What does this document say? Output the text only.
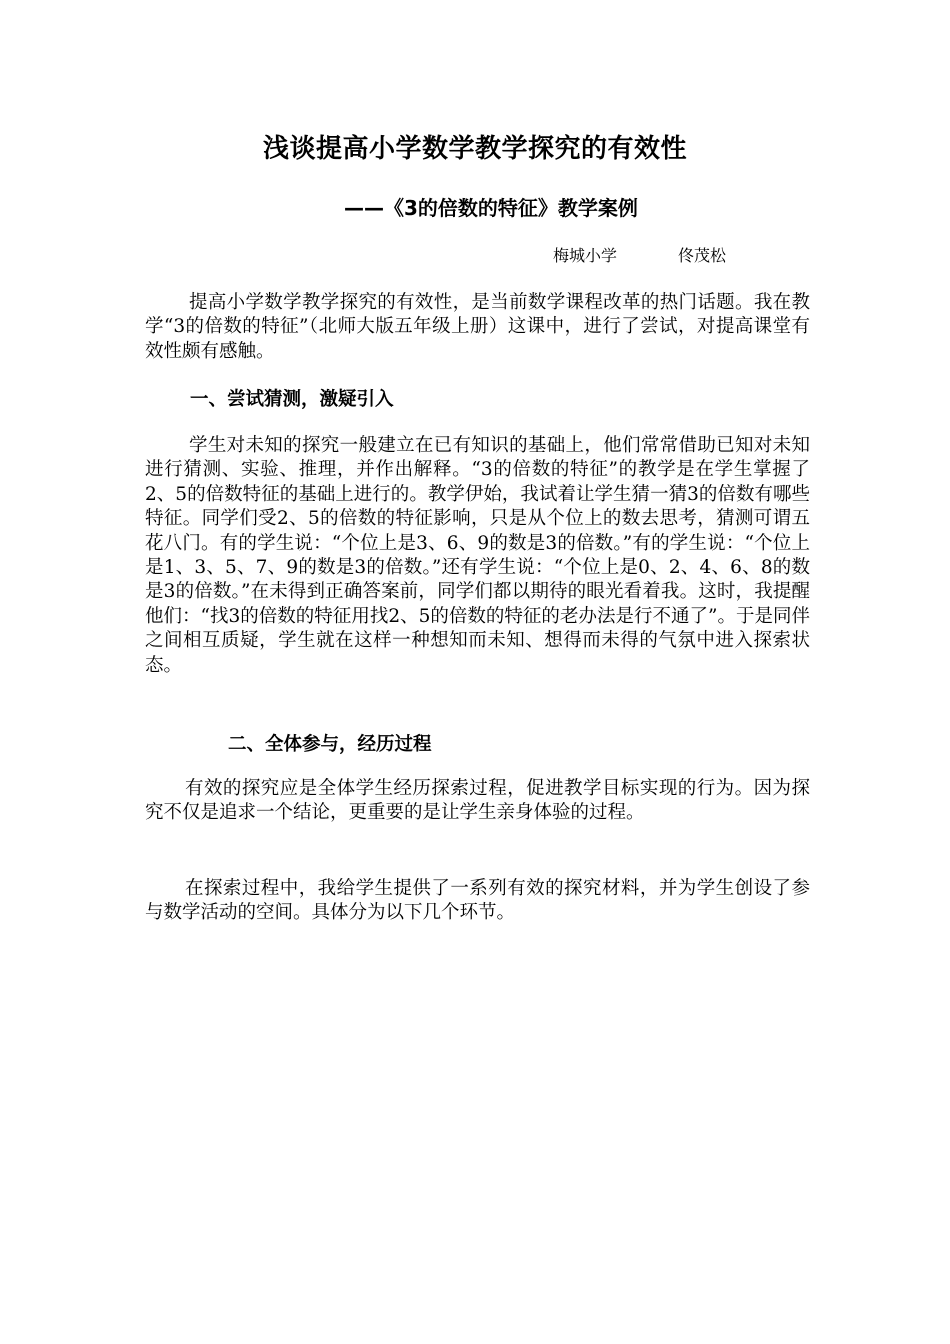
浅谈提高小学数学教学探究的有效性
——《3的倍数的特征》教学案例
梅城小学	佟茂松

提高小学数学教学探究的有效性，是当前数学课程改革的热门话题。我在教学“3的倍数的特征”（北师大版五年级上册）这课中，进行了尝试，对提高课堂有效性颇有感触。

一、尝试猜测，激疑引入

学生对未知的探究一般建立在已有知识的基础上，他们常常借助已知对未知进行猜测、实验、推理，并作出解释。“3的倍数的特征”的教学是在学生掌握了2、5的倍数特征的基础上进行的。教学伊始，我试着让学生猜一猜3的倍数有哪些特征。同学们受2、5的倍数的特征影响，只是从个位上的数去思考，猜测可谓五花八门。有的学生说：“个位上是3、6、9的数是3的倍数。”有的学生说：“个位上是1、3、5、7、9的数是3的倍数。”还有学生说：“个位上是0、2、4、6、8的数是3的倍数。”在未得到正确答案前，同学们都以期待的眼光看着我。这时，我提醒他们：“找3的倍数的特征用找2、5的倍数的特征的老办法是行不通了”。于是同伴之间相互质疑，学生就在这样一种想知而未知、想得而未得的气氛中进入探索状态。

二、全体参与，经历过程

有效的探究应是全体学生经历探索过程，促进教学目标实现的行为。因为探究不仅是追求一个结论，更重要的是让学生亲身体验的过程。

在探索过程中，我给学生提供了一系列有效的探究材料，并为学生创设了参与数学活动的空间。具体分为以下几个环节。
